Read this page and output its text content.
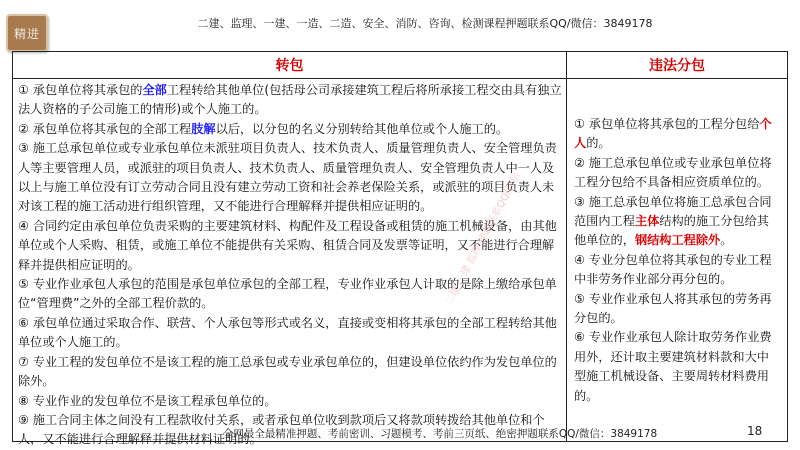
精进
二建、监理、一建、一造、二造、安全、消防、咨询、检测课程押题联系QQ/微信：3849178
转包	违法分包

① 承包单位将其承包的全部工程转给其他单位(包括母公司承接建筑工程后将所承接工程交由具有独立法人资格的子公司施工的情形)或个人施工的。

② 承包单位将其承包的全部工程肢解以后，以分包的名义分别转给其他单位或个人施工的。

③ 施工总承包单位或专业承包单位未派驻项目负责人、技术负责人、质量管理负责人、安全管理负责人等主要管理人员，或派驻的项目负责人、技术负责人、质量管理负责人、安全管理负责人中一人及以上与施工单位没有订立劳动合同且没有建立劳动工资和社会养老保险关系，或派驻的项目负责人未对该工程的施工活动进行组织管理，又不能进行合理解释并提供相应证明的。

④ 合同约定由承包单位负责采购的主要建筑材料、构配件及工程设备或租赁的施工机械设备，由其他单位或个人采购、租赁，或施工单位不能提供有关采购、租赁合同及发票等证明，又不能进行合理解释并提供相应证明的。

⑤ 专业作业承包人承包的范围是承包单位承包的全部工程，专业作业承包人计取的是除上缴给承包单位“管理费”之外的全部工程价款的。

⑥ 承包单位通过采取合作、联营、个人承包等形式或名义，直接或变相将其承包的全部工程转给其他单位或个人施工的。

⑦ 专业工程的发包单位不是该工程的施工总承包或专业承包单位的，但建设单位依约作为发包单位的除外。

⑧ 专业作业的发包单位不是该工程承包单位的。

⑨ 施工合同主体之间没有工程款收付关系，或者承包单位收到款项后又将款项转拨给其他单位和个人，又不能进行合理解释并提供材料证明的。

① 承包单位将其承包的工程分包给个人的。

② 施工总承包单位或专业承包单位将工程分包给不具备相应资质单位的。

③ 施工总承包单位将施工总承包合同范围内工程主体结构的施工分包给其他单位的，钢结构工程除外。

④ 专业分包单位将其承包的专业工程中非劳务作业部分再分包的。

⑤ 专业作业承包人将其承包的劳务再分包的。

⑥ 专业作业承包人除计取劳务作业费用外，还计取主要建筑材料款和大中型施工机械设备、主要周转材料费用的。

二建 一建 监理 押题联系QQ/微信
全网最全最精准押题、考前密训、习题模考、考前三页纸、绝密押题联系QQ/微信：3849178	18
